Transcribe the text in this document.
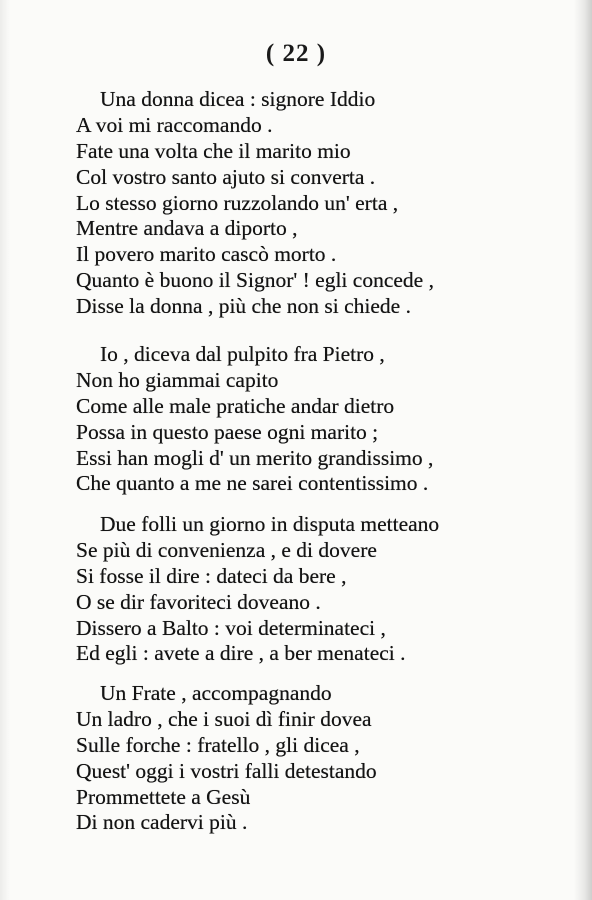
( 22 )
Una donna dicea : signore Iddio
A voi mi raccomando .
Fate una volta che il marito mio
Col vostro santo ajuto si converta .
Lo stesso giorno ruzzolando un' erta ,
Mentre andava a diporto ,
Il povero marito cascò morto .
Quanto è buono il Signor' ! egli concede ,
Disse la donna , più che non si chiede .
Io , diceva dal pulpito fra Pietro ,
Non ho giammai capito
Come alle male pratiche andar dietro
Possa in questo paese ogni marito ;
Essi han mogli d' un merito grandissimo ,
Che quanto a me ne sarei contentissimo .
Due folli un giorno in disputa metteano
Se più di convenienza , e di dovere
Si fosse il dire : dateci da bere ,
O se dir favoriteci doveano .
Dissero a Balto : voi determinateci ,
Ed egli : avete a dire , a ber menateci .
Un Frate , accompagnando
Un ladro , che i suoi dì finir dovea
Sulle forche : fratello , gli dicea ,
Quest' oggi i vostri falli detestando
Prommettete a Gesù
Di non cadervi più .
